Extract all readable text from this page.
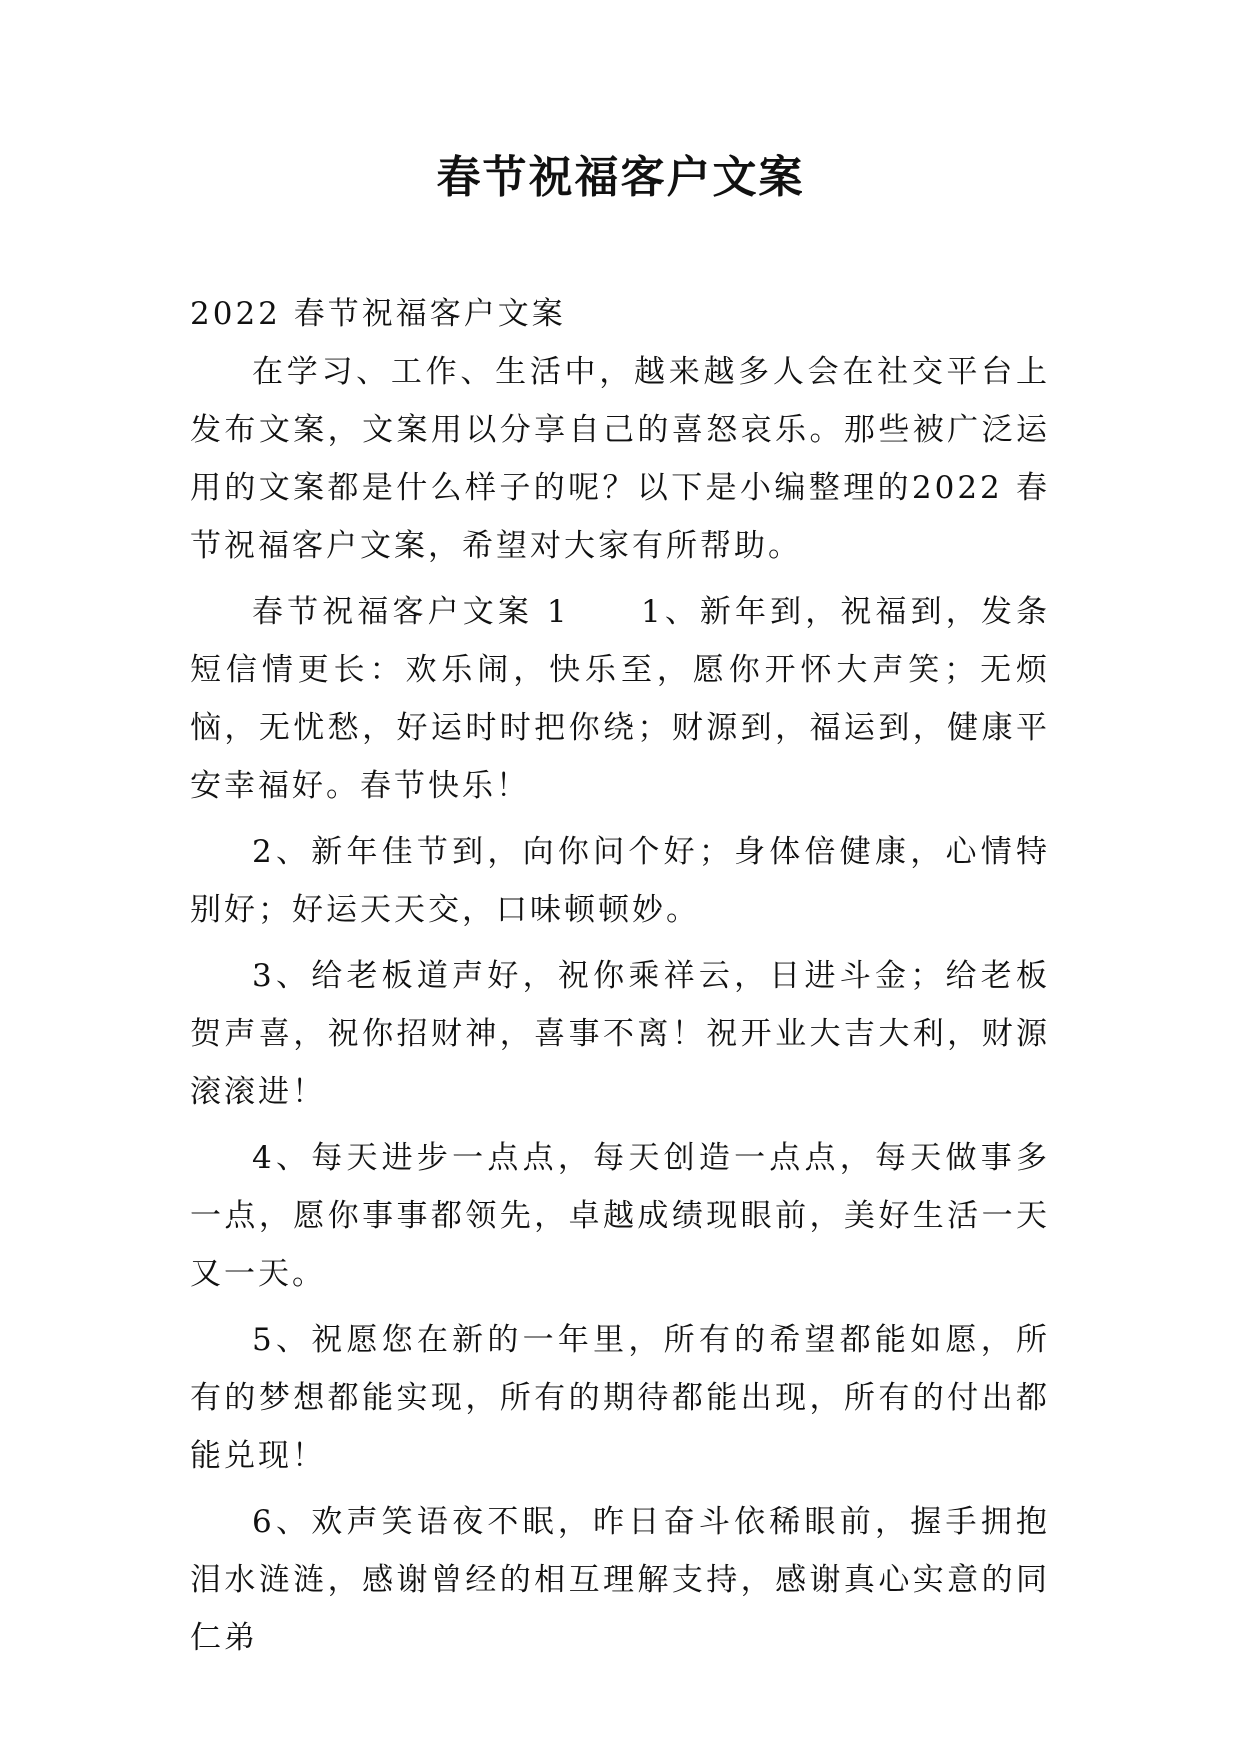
春节祝福客户文案

2022 春节祝福客户文案

在学习、工作、生活中，越来越多人会在社交平台上发布文案，文案用以分享自己的喜怒哀乐。那些被广泛运用的文案都是什么样子的呢？以下是小编整理的2022 春节祝福客户文案，希望对大家有所帮助。

春节祝福客户文案 1　　1、新年到，祝福到，发条短信情更长：欢乐闹，快乐至，愿你开怀大声笑；无烦恼，无忧愁，好运时时把你绕；财源到，福运到，健康平安幸福好。春节快乐！

2、新年佳节到，向你问个好；身体倍健康，心情特别好；好运天天交，口味顿顿妙。

3、给老板道声好，祝你乘祥云，日进斗金；给老板贺声喜，祝你招财神，喜事不离！祝开业大吉大利，财源滚滚进！

4、每天进步一点点，每天创造一点点，每天做事多一点，愿你事事都领先，卓越成绩现眼前，美好生活一天又一天。

5、祝愿您在新的一年里，所有的希望都能如愿，所有的梦想都能实现，所有的期待都能出现，所有的付出都能兑现！

6、欢声笑语夜不眠，昨日奋斗依稀眼前，握手拥抱泪水涟涟，感谢曾经的相互理解支持，感谢真心实意的同仁弟
